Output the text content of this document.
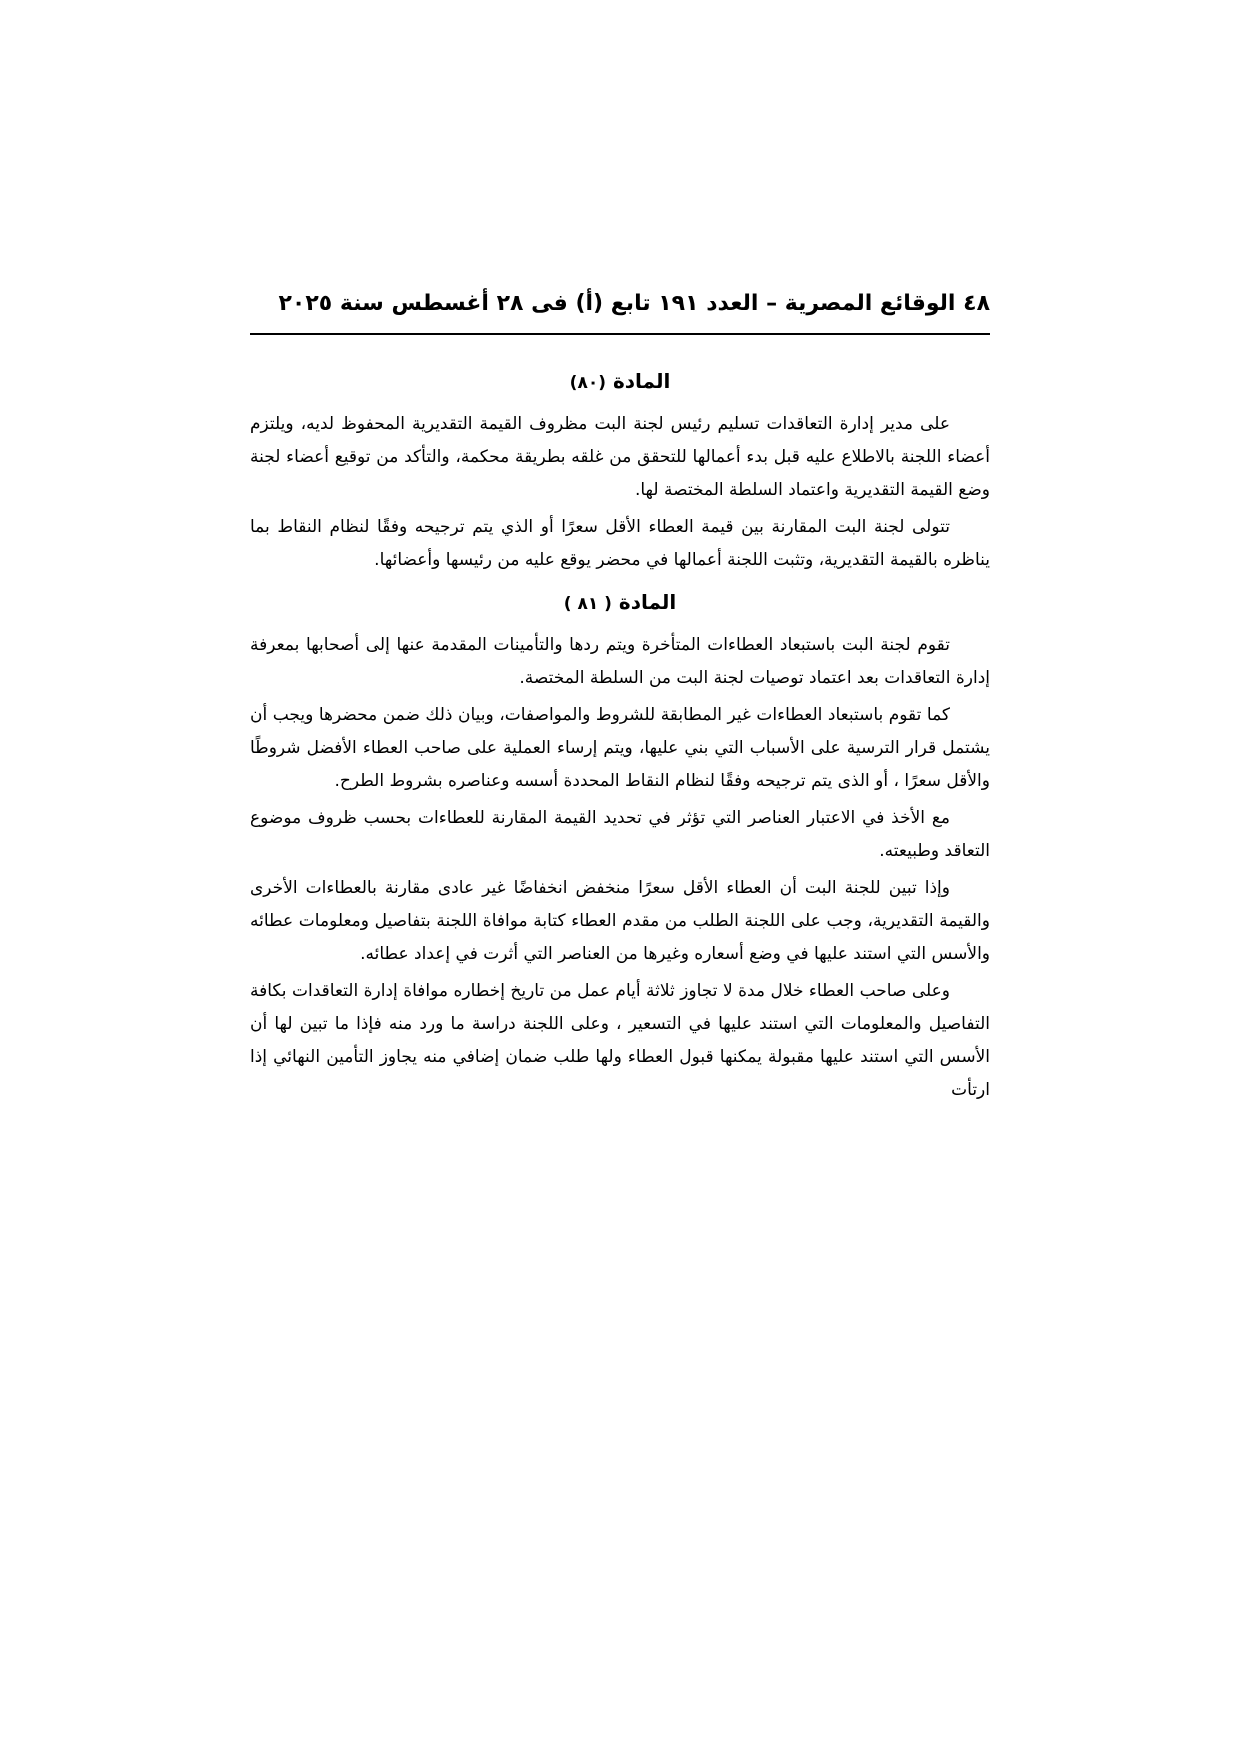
٤٨ الوقائع المصرية – العدد ١٩١ تابع (أ) فى ٢٨ أغسطس سنة ٢٠٢٥
المادة (٨٠)

على مدير إدارة التعاقدات تسليم رئيس لجنة البت مظروف القيمة التقديرية المحفوظ لديه، ويلتزم أعضاء اللجنة بالاطلاع عليه قبل بدء أعمالها للتحقق من غلقه بطريقة محكمة، والتأكد من توقيع أعضاء لجنة وضع القيمة التقديرية واعتماد السلطة المختصة لها.

تتولى لجنة البت المقارنة بين قيمة العطاء الأقل سعرًا أو الذي يتم ترجيحه وفقًا لنظام النقاط بما يناظره بالقيمة التقديرية، وتثبت اللجنة أعمالها في محضر يوقع عليه من رئيسها وأعضائها.

المادة ( ٨١ )

تقوم لجنة البت باستبعاد العطاءات المتأخرة ويتم ردها والتأمينات المقدمة عنها إلى أصحابها بمعرفة إدارة التعاقدات بعد اعتماد توصيات لجنة البت من السلطة المختصة.

كما تقوم باستبعاد العطاءات غير المطابقة للشروط والمواصفات، وبيان ذلك ضمن محضرها ويجب أن يشتمل قرار الترسية على الأسباب التي بني عليها، ويتم إرساء العملية على صاحب العطاء الأفضل شروطًا والأقل سعرًا ، أو الذى يتم ترجيحه وفقًا لنظام النقاط المحددة أسسه وعناصره بشروط الطرح.

مع الأخذ في الاعتبار العناصر التي تؤثر في تحديد القيمة المقارنة للعطاءات بحسب ظروف موضوع التعاقد وطبيعته.

وإذا تبين للجنة البت أن العطاء الأقل سعرًا منخفض انخفاضًا غير عادى مقارنة بالعطاءات الأخرى والقيمة التقديرية، وجب على اللجنة الطلب من مقدم العطاء كتابة موافاة اللجنة بتفاصيل ومعلومات عطائه والأسس التي استند عليها في وضع أسعاره وغيرها من العناصر التي أثرت في إعداد عطائه.

وعلى صاحب العطاء خلال مدة لا تجاوز ثلاثة أيام عمل من تاريخ إخطاره موافاة إدارة التعاقدات بكافة التفاصيل والمعلومات التي استند عليها في التسعير ، وعلى اللجنة دراسة ما ورد منه فإذا ما تبين لها أن الأسس التي استند عليها مقبولة يمكنها قبول العطاء ولها طلب ضمان إضافي منه يجاوز التأمين النهائي إذا ارتأت
